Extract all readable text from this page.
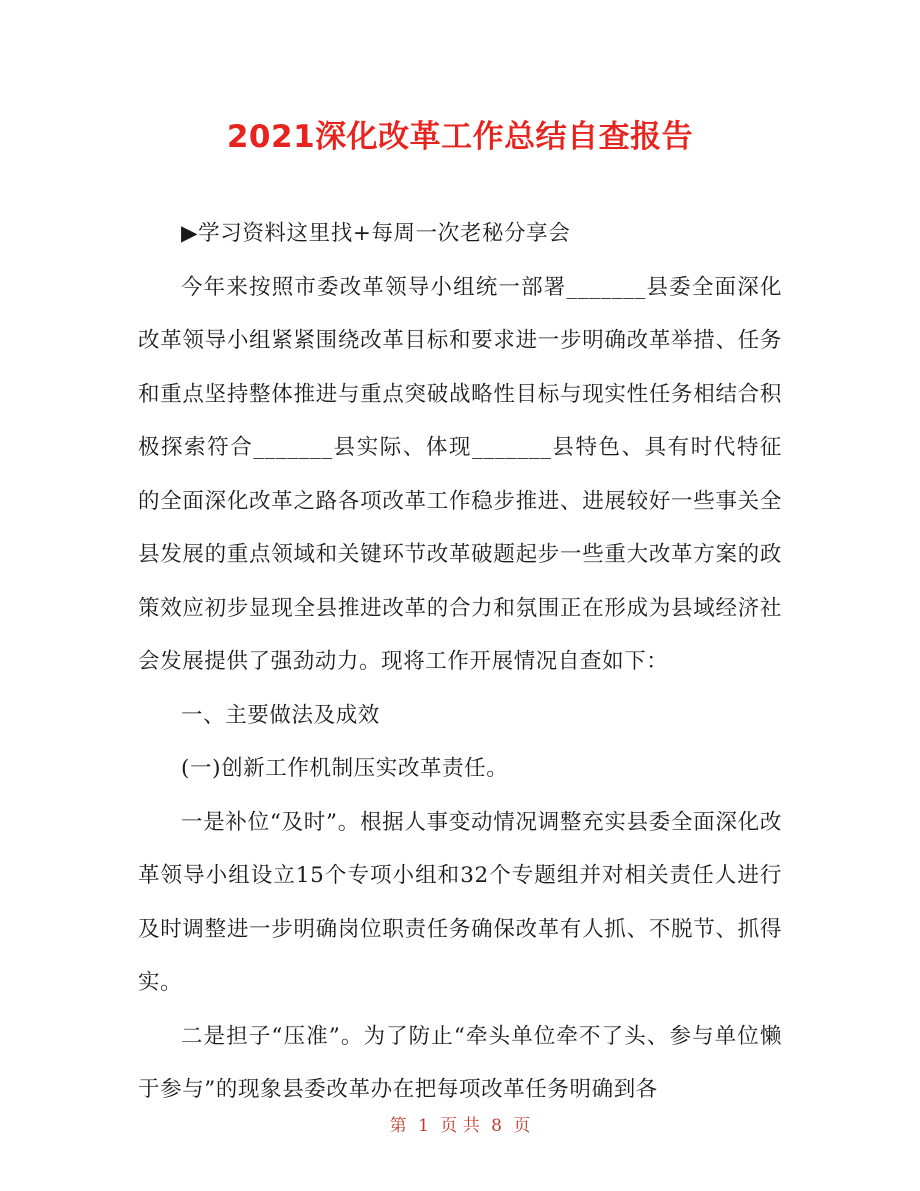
2021深化改革工作总结自查报告

▶学习资料这里找+每周一次老秘分享会

今年来按照市委改革领导小组统一部署_______县委全面深化改革领导小组紧紧围绕改革目标和要求进一步明确改革举措、任务和重点坚持整体推进与重点突破战略性目标与现实性任务相结合积极探索符合_______县实际、体现_______县特色、具有时代特征的全面深化改革之路各项改革工作稳步推进、进展较好一些事关全县发展的重点领域和关键环节改革破题起步一些重大改革方案的政策效应初步显现全县推进改革的合力和氛围正在形成为县域经济社会发展提供了强劲动力。现将工作开展情况自查如下：

一、主要做法及成效

(一)创新工作机制压实改革责任。

一是补位“及时”。根据人事变动情况调整充实县委全面深化改革领导小组设立15个专项小组和32个专题组并对相关责任人进行及时调整进一步明确岗位职责任务确保改革有人抓、不脱节、抓得实。

二是担子“压准”。为了防止“牵头单位牵不了头、参与单位懒于参与”的现象县委改革办在把每项改革任务明确到各

第 1 页 共 8 页
